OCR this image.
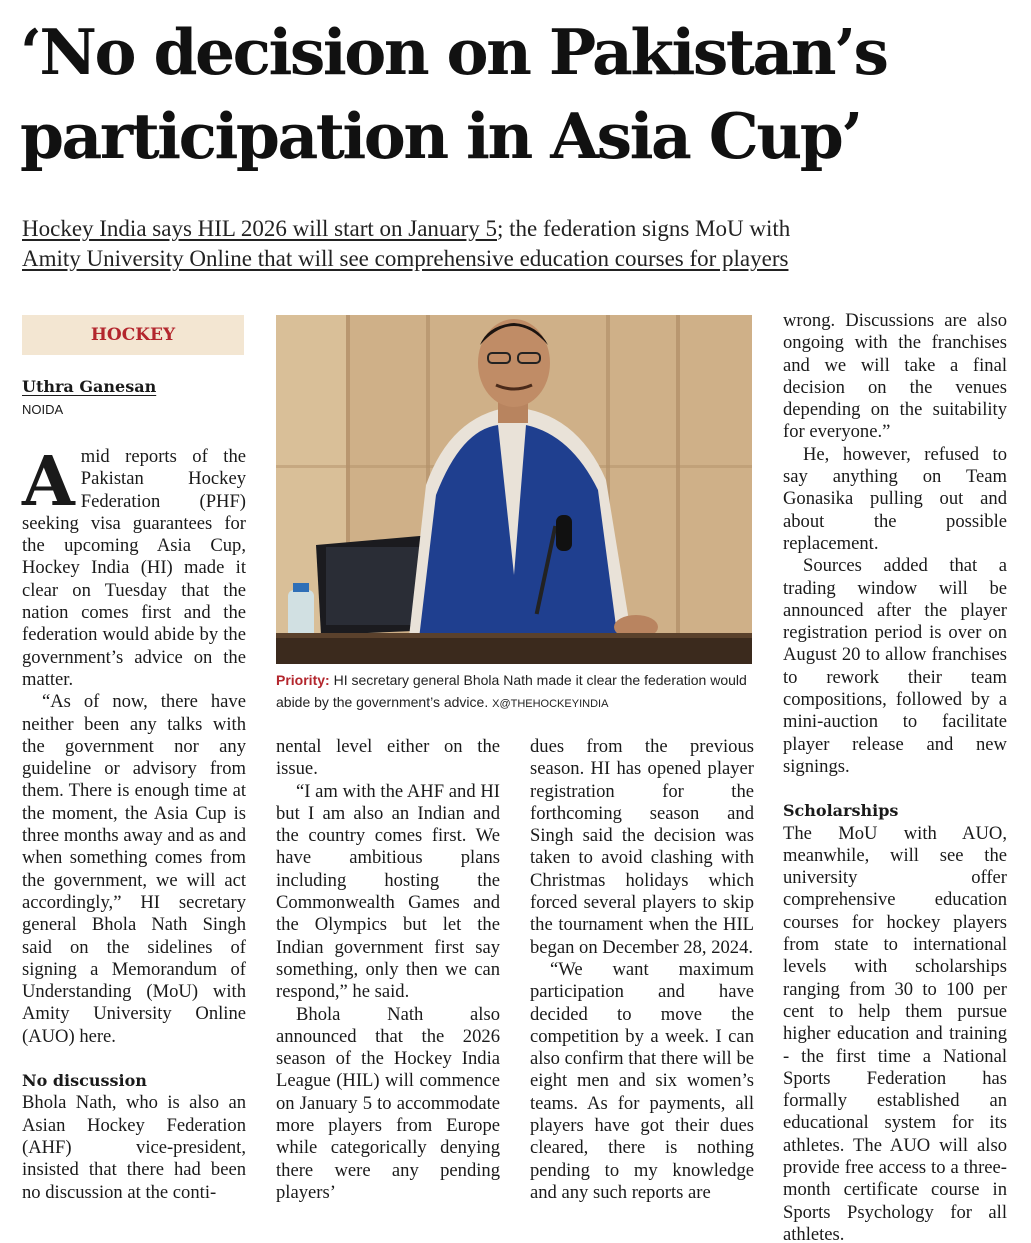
‘No decision on Pakistan’s
participation in Asia Cup’
Hockey India says HIL 2026 will start on January 5; the federation signs MoU with
Amity University Online that will see comprehensive education courses for players
HOCKEY
Uthra Ganesan
NOIDA

Amid reports of the Pakistan Hockey Federation (PHF) seeking visa guarantees for the upcoming Asia Cup, Hockey India (HI) made it clear on Tuesday that the nation comes first and the federation would abide by the government’s advice on the matter.

“As of now, there have neither been any talks with the government nor any guideline or advisory from them. There is enough time at the moment, the Asia Cup is three months away and as and when something comes from the government, we will act accordingly,” HI secretary general Bhola Nath Singh said on the sidelines of signing a Memorandum of Understanding (MoU) with Amity University Online (AUO) here.

No discussion

Bhola Nath, who is also an Asian Hockey Federation (AHF) vice-president, insisted that there had been no discussion at the conti-

Priority: HI secretary general Bhola Nath made it clear the federation would abide by the government’s advice. X@THEHOCKEYINDIA

nental level either on the issue.

“I am with the AHF and HI but I am also an Indian and the country comes first. We have ambitious plans including hosting the Commonwealth Games and the Olympics but let the Indian government first say something, only then we can respond,” he said.

Bhola Nath also announced that the 2026 season of the Hockey India League (HIL) will commence on January 5 to accommodate more players from Europe while categorically denying there were any pending players’

dues from the previous season. HI has opened player registration for the forthcoming season and Singh said the decision was taken to avoid clashing with Christmas holidays which forced several players to skip the tournament when the HIL began on December 28, 2024.

“We want maximum participation and have decided to move the competition by a week. I can also confirm that there will be eight men and six women’s teams. As for payments, all players have got their dues cleared, there is nothing pending to my knowledge and any such reports are

wrong. Discussions are also ongoing with the franchises and we will take a final decision on the venues depending on the suitability for everyone.”

He, however, refused to say anything on Team Gonasika pulling out and about the possible replacement.

Sources added that a trading window will be announced after the player registration period is over on August 20 to allow franchises to rework their team compositions, followed by a mini-auction to facilitate player release and new signings.

Scholarships

The MoU with AUO, meanwhile, will see the university offer comprehensive education courses for hockey players from state to international levels with scholarships ranging from 30 to 100 per cent to help them pursue higher education and training - the first time a National Sports Federation has formally established an educational system for its athletes. The AUO will also provide free access to a three-month certificate course in Sports Psychology for all athletes.
